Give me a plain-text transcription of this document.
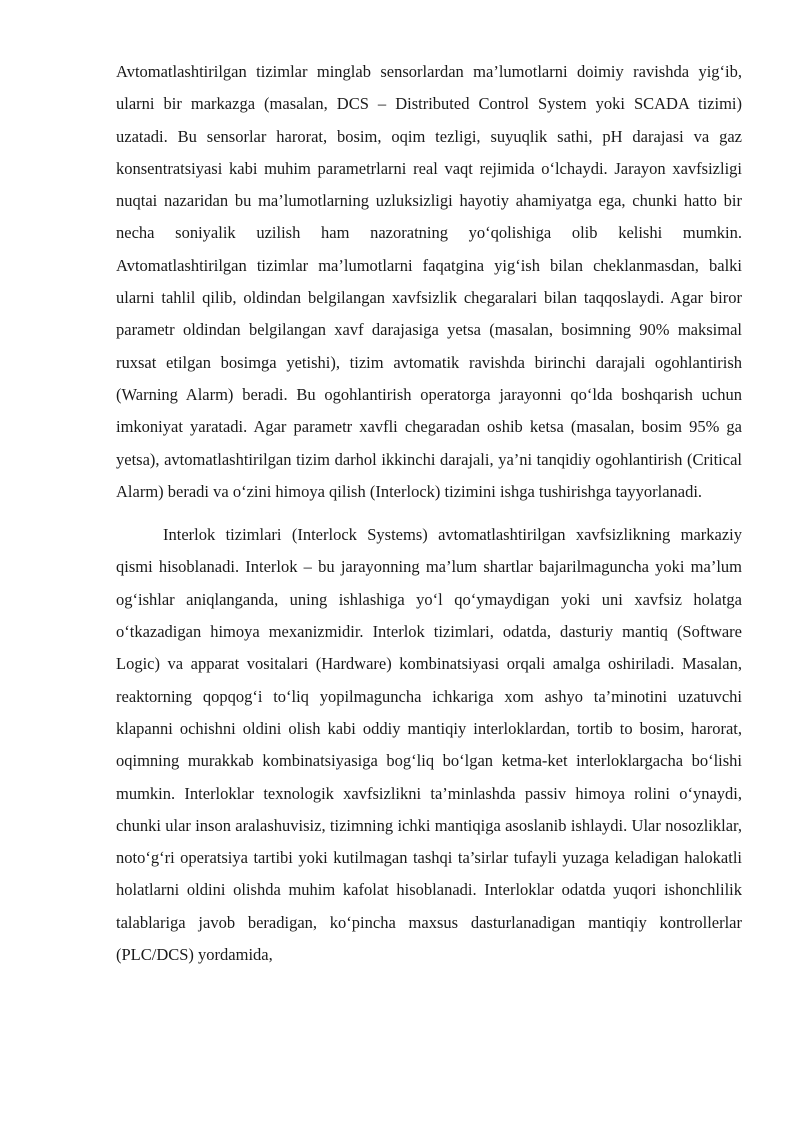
Avtomatlashtirilgan tizimlar minglab sensorlardan ma’lumotlarni doimiy ravishda yig‘ib, ularni bir markazga (masalan, DCS – Distributed Control System yoki SCADA tizimi) uzatadi. Bu sensorlar harorat, bosim, oqim tezligi, suyuqlik sathi, pH darajasi va gaz konsentratsiyasi kabi muhim parametrlarni real vaqt rejimida o‘lchaydi. Jarayon xavfsizligi nuqtai nazaridan bu ma’lumotlarning uzluksizligi hayotiy ahamiyatga ega, chunki hatto bir necha soniyalik uzilish ham nazoratning yo‘qolishiga olib kelishi mumkin. Avtomatlashtirilgan tizimlar ma’lumotlarni faqatgina yig‘ish bilan cheklanmasdan, balki ularni tahlil qilib, oldindan belgilangan xavfsizlik chegaralari bilan taqqoslaydi. Agar biror parametr oldindan belgilangan xavf darajasiga yetsa (masalan, bosimning 90% maksimal ruxsat etilgan bosimga yetishi), tizim avtomatik ravishda birinchi darajali ogohlantirish (Warning Alarm) beradi. Bu ogohlantirish operatorga jarayonni qo‘lda boshqarish uchun imkoniyat yaratadi. Agar parametr xavfli chegaradan oshib ketsa (masalan, bosim 95% ga yetsa), avtomatlashtirilgan tizim darhol ikkinchi darajali, ya’ni tanqidiy ogohlantirish (Critical Alarm) beradi va o‘zini himoya qilish (Interlock) tizimini ishga tushirishga tayyorlanadi.

Interlok tizimlari (Interlock Systems) avtomatlashtirilgan xavfsizlikning markaziy qismi hisoblanadi. Interlok – bu jarayonning ma’lum shartlar bajarilmaguncha yoki ma’lum og‘ishlar aniqlanganda, uning ishlashiga yo‘l qo‘ymaydigan yoki uni xavfsiz holatga o‘tkazadigan himoya mexanizmidir. Interlok tizimlari, odatda, dasturiy mantiq (Software Logic) va apparat vositalari (Hardware) kombinatsiyasi orqali amalga oshiriladi. Masalan, reaktorning qopqog‘i to‘liq yopilmaguncha ichkariga xom ashyo ta’minotini uzatuvchi klapanni ochishni oldini olish kabi oddiy mantiqiy interloklardan, tortib to bosim, harorat, oqimning murakkab kombinatsiyasiga bog‘liq bo‘lgan ketma-ket interloklargacha bo‘lishi mumkin. Interloklar texnologik xavfsizlikni ta’minlashda passiv himoya rolini o‘ynaydi, chunki ular inson aralashuvisiz, tizimning ichki mantiqiga asoslanib ishlaydi. Ular nosozliklar, noto‘g‘ri operatsiya tartibi yoki kutilmagan tashqi ta’sirlar tufayli yuzaga keladigan halokatli holatlarni oldini olishda muhim kafolat hisoblanadi. Interloklar odatda yuqori ishonchlilik talablariga javob beradigan, ko‘pincha maxsus dasturlanadigan mantiqiy kontrollerlar (PLC/DCS) yordamida,
